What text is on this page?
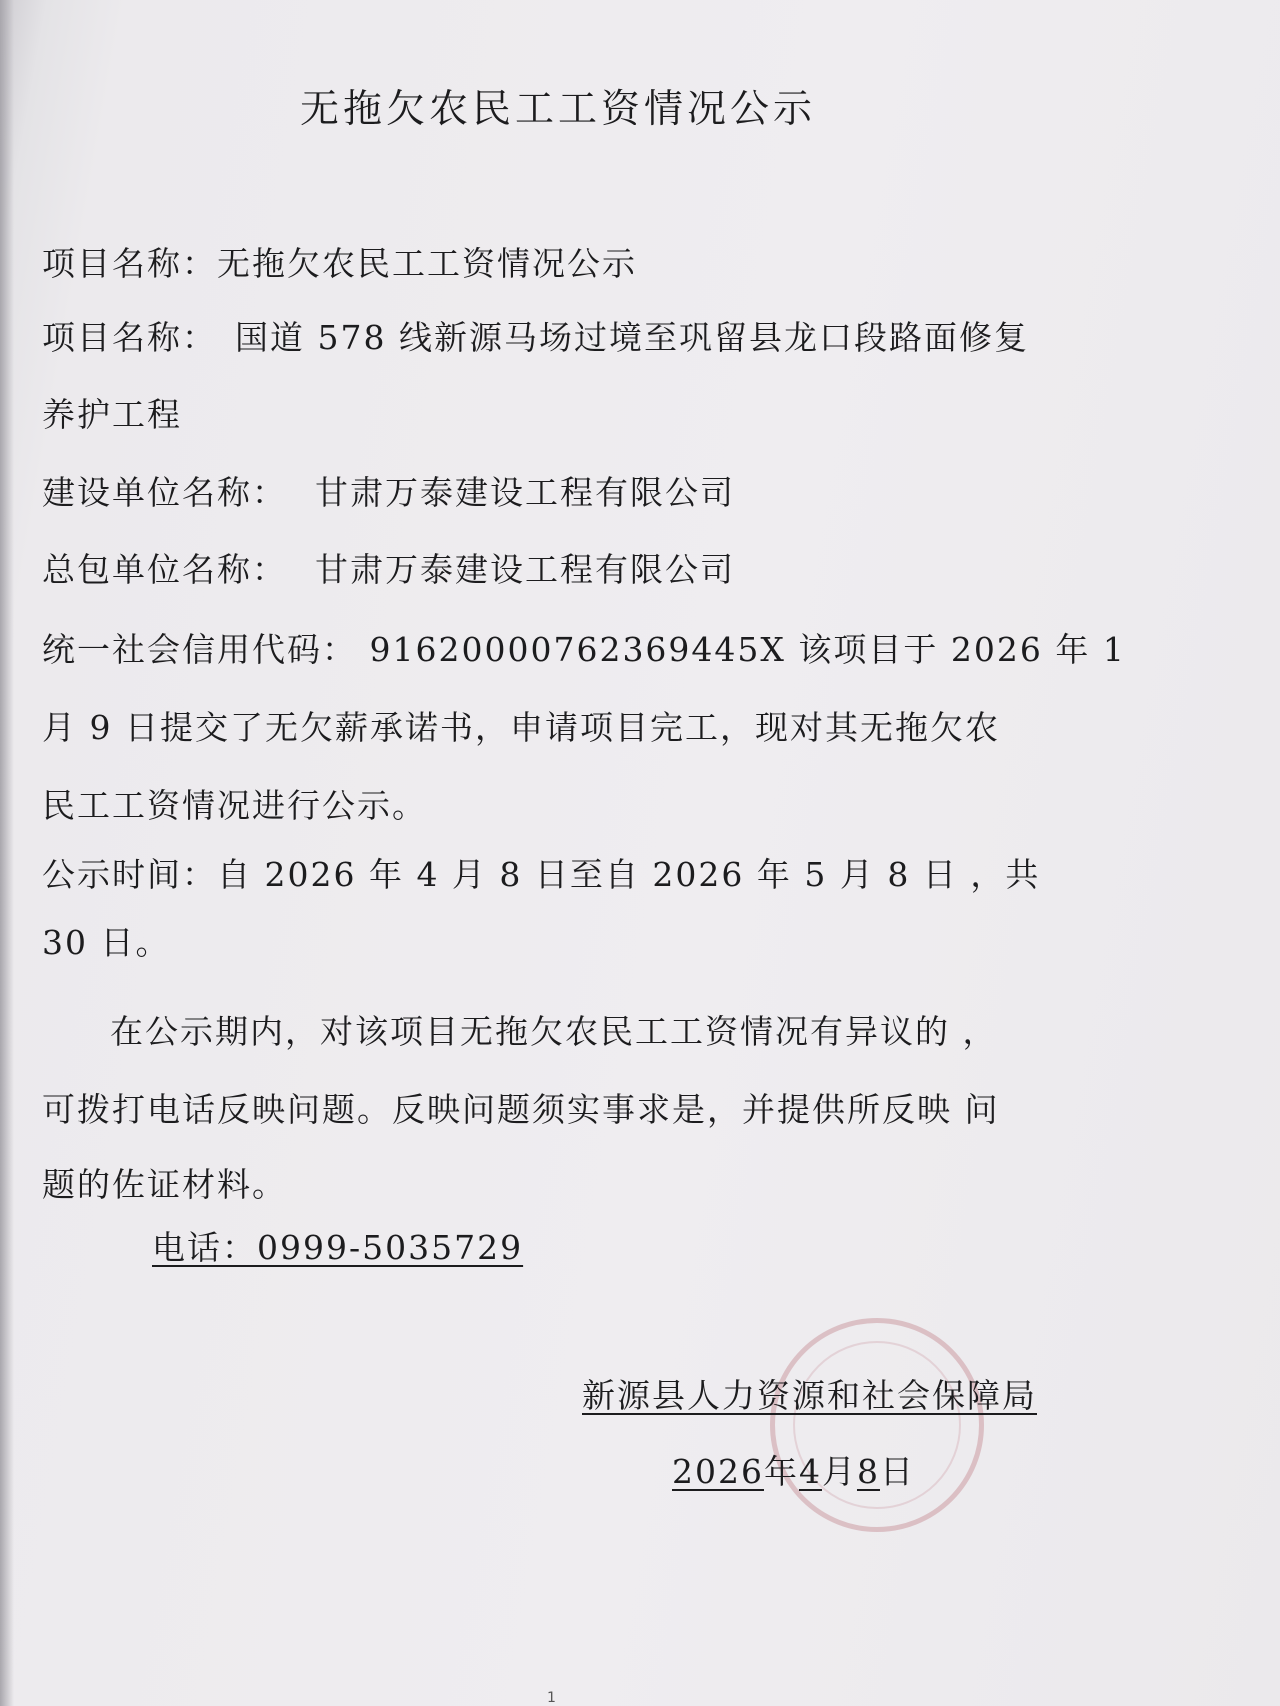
无拖欠农民工工资情况公示
项目名称：无拖欠农民工工资情况公示
项目名称： 国道 578 线新源马场过境至巩留县龙口段路面修复
养护工程
建设单位名称： 甘肃万泰建设工程有限公司
总包单位名称： 甘肃万泰建设工程有限公司
统一社会信用代码： 91620000762369445X 该项目于 2026 年 1
月 9 日提交了无欠薪承诺书，申请项目完工，现对其无拖欠农
民工工资情况进行公示。
公示时间：自 2026 年 4 月 8 日至自 2026 年 5 月 8 日 ，共
30 日。
在公示期内，对该项目无拖欠农民工工资情况有异议的 ，
可拨打电话反映问题。反映问题须实事求是，并提供所反映 问
题的佐证材料。
电话：0999-5035729
新源县人力资源和社会保障局
2026年4月8日
1
